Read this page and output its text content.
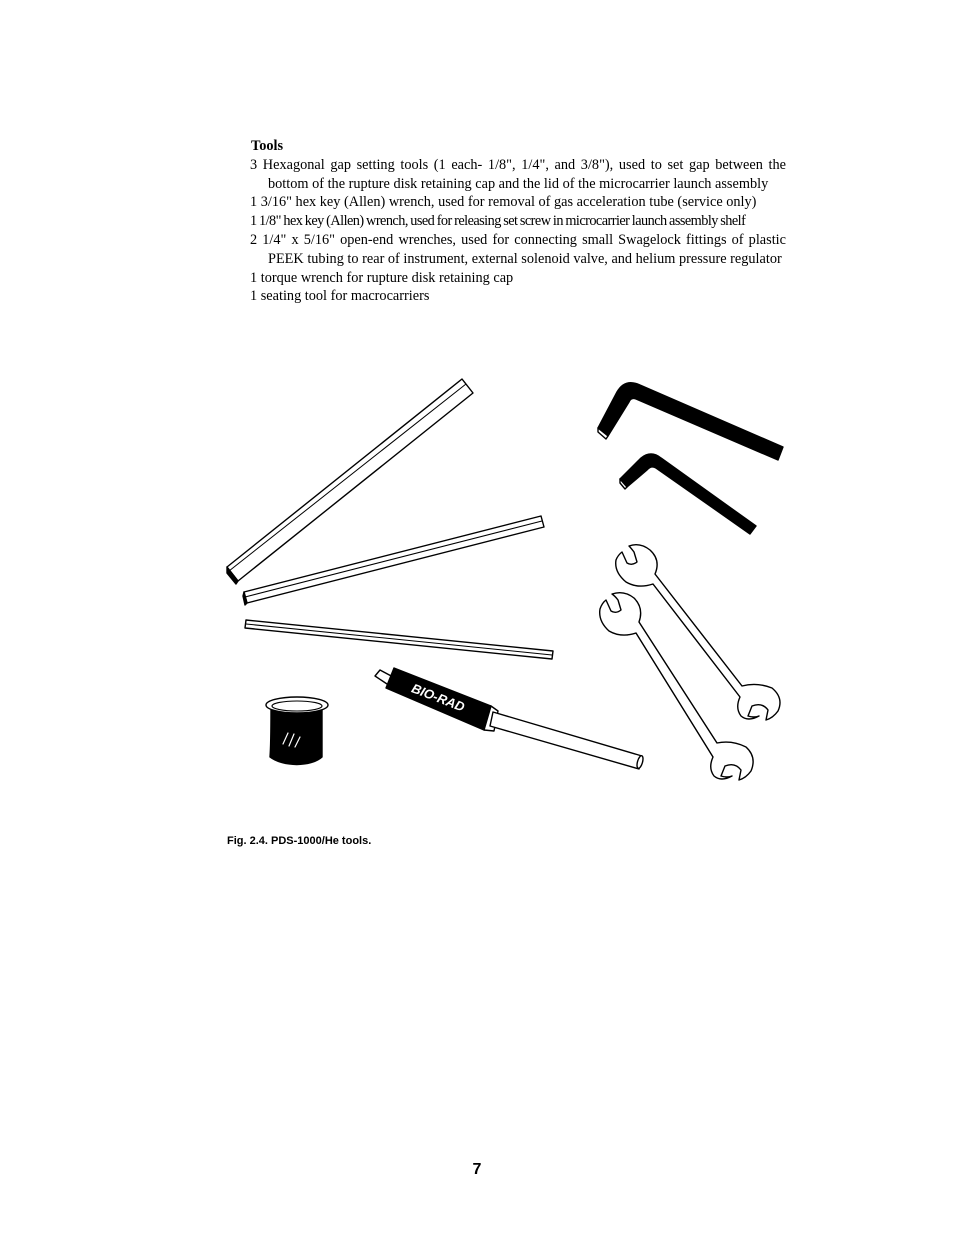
Tools

3 Hexagonal gap setting tools (1 each- 1/8", 1/4", and 3/8"), used to set gap between the bottom of the rupture disk retaining cap and the lid of the microcarrier launch assembly
1 3/16" hex key (Allen) wrench, used for removal of gas acceleration tube (service only)
1 1/8" hex key (Allen) wrench, used for releasing set screw in microcarrier launch assembly shelf
2 1/4" x 5/16" open-end wrenches, used for connecting small Swagelock fittings of plastic PEEK tubing to rear of instrument, external solenoid valve, and helium pressure regulator
1 torque wrench for rupture disk retaining cap
1 seating tool for macrocarriers
BIO-RAD

Fig. 2.4. PDS-1000/He tools.

7
